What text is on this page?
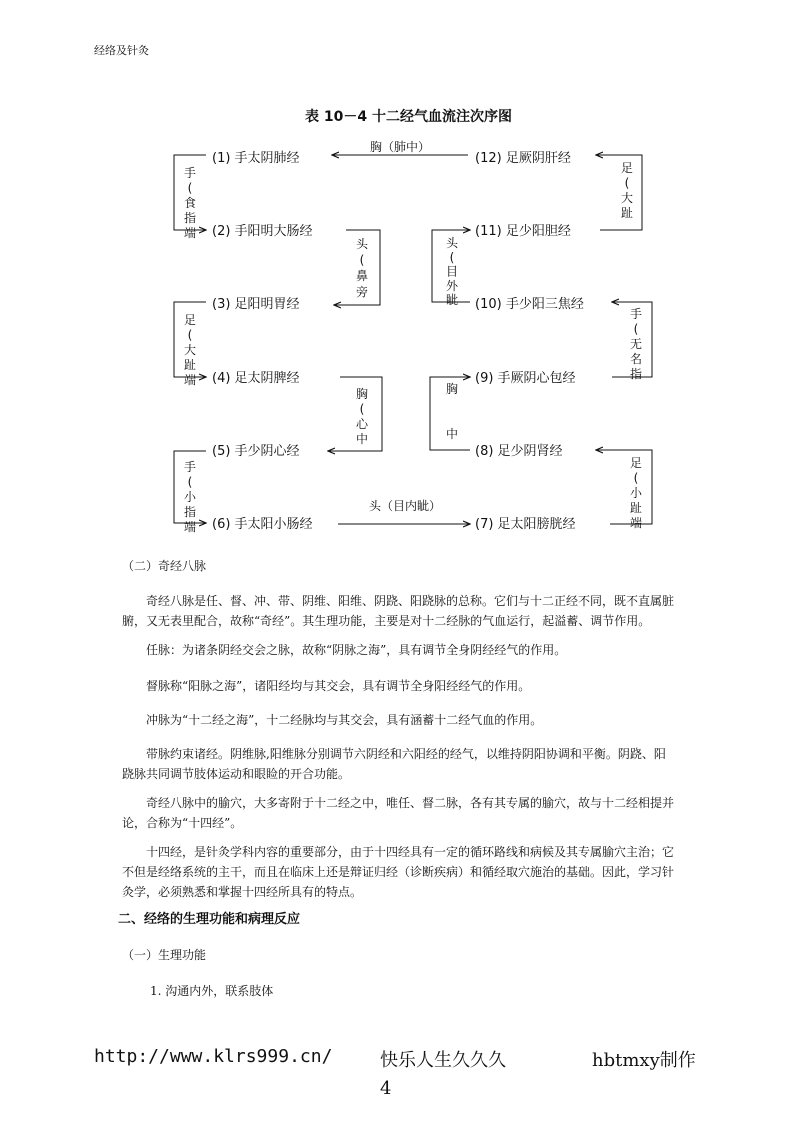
经络及针灸
表 10－4 十二经气血流注次序图
(1) 手太阴肺经
(2) 手阳明大肠经
(3) 足阳明胃经
(4) 足太阴脾经
(5) 手少阴心经
(6) 手太阳小肠经	(7) 足太阳膀胱经
(8) 足少阴肾经
(9) 手厥阴心包经
(10) 手少阳三焦经
(11) 足少阳胆经
(12) 足厥阴肝经
胸（肺中）
头（目内眦）
手(食指端
足(大趾端
手(小指端
头(鼻旁
胸(心中
足(小趾端
手(无名指
足(大趾
胸中
头(目外眦
（二）奇经八脉
奇经八脉是任、督、冲、带、阴维、阳维、阴跷、阳跷脉的总称。它们与十二正经不同，既不直属脏腑，又无表里配合，故称“奇经”。其生理功能，主要是对十二经脉的气血运行，起溢蓄、调节作用。
任脉：为诸条阴经交会之脉，故称“阴脉之海”，具有调节全身阴经经气的作用。
督脉称“阳脉之海”，诸阳经均与其交会，具有调节全身阳经经气的作用。
冲脉为“十二经之海”，十二经脉均与其交会，具有涵蓄十二经气血的作用。
带脉约束诸经。阴维脉,阳维脉分别调节六阴经和六阳经的经气，以维持阴阳协调和平衡。阴跷、阳跷脉共同调节肢体运动和眼睑的开合功能。
奇经八脉中的腧穴，大多寄附于十二经之中，唯任、督二脉，各有其专属的腧穴，故与十二经相提并论，合称为“十四经”。
十四经，是针灸学科内容的重要部分，由于十四经具有一定的循环路线和病候及其专属腧穴主治；它不但是经络系统的主干，而且在临床上还是辩证归经（诊断疾病）和循经取穴施治的基础。因此，学习针灸学，必须熟悉和掌握十四经所具有的特点。
二、经络的生理功能和病理反应
（一）生理功能
1. 沟通内外，联系肢体
http://www.klrs999.cn/	快乐人生久久久	hbtmxy制作
4
